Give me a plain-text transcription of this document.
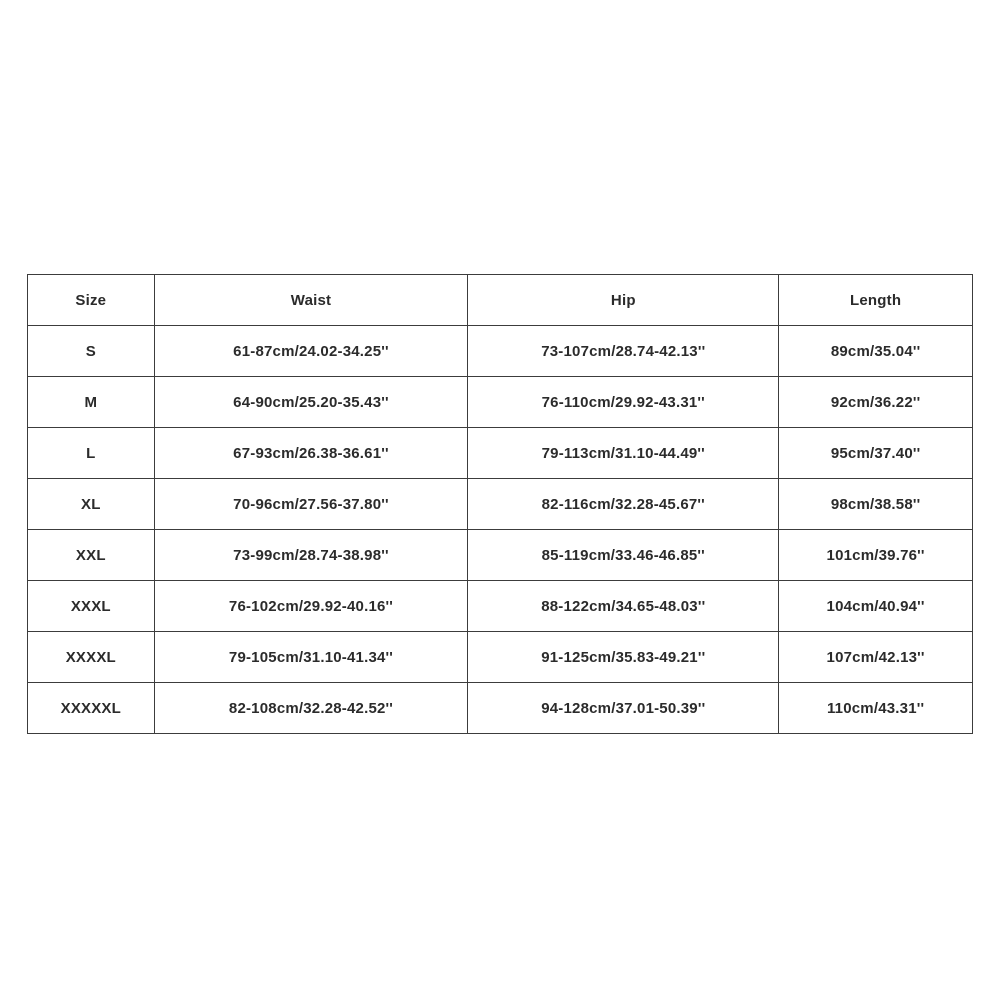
Size	Waist	Hip	Length
S	61-87cm/24.02-34.25''	73-107cm/28.74-42.13''	89cm/35.04''
M	64-90cm/25.20-35.43''	76-110cm/29.92-43.31''	92cm/36.22''
L	67-93cm/26.38-36.61''	79-113cm/31.10-44.49''	95cm/37.40''
XL	70-96cm/27.56-37.80''	82-116cm/32.28-45.67''	98cm/38.58''
XXL	73-99cm/28.74-38.98''	85-119cm/33.46-46.85''	101cm/39.76''
XXXL	76-102cm/29.92-40.16''	88-122cm/34.65-48.03''	104cm/40.94''
XXXXL	79-105cm/31.10-41.34''	91-125cm/35.83-49.21''	107cm/42.13''
XXXXXL	82-108cm/32.28-42.52''	94-128cm/37.01-50.39''	110cm/43.31''
